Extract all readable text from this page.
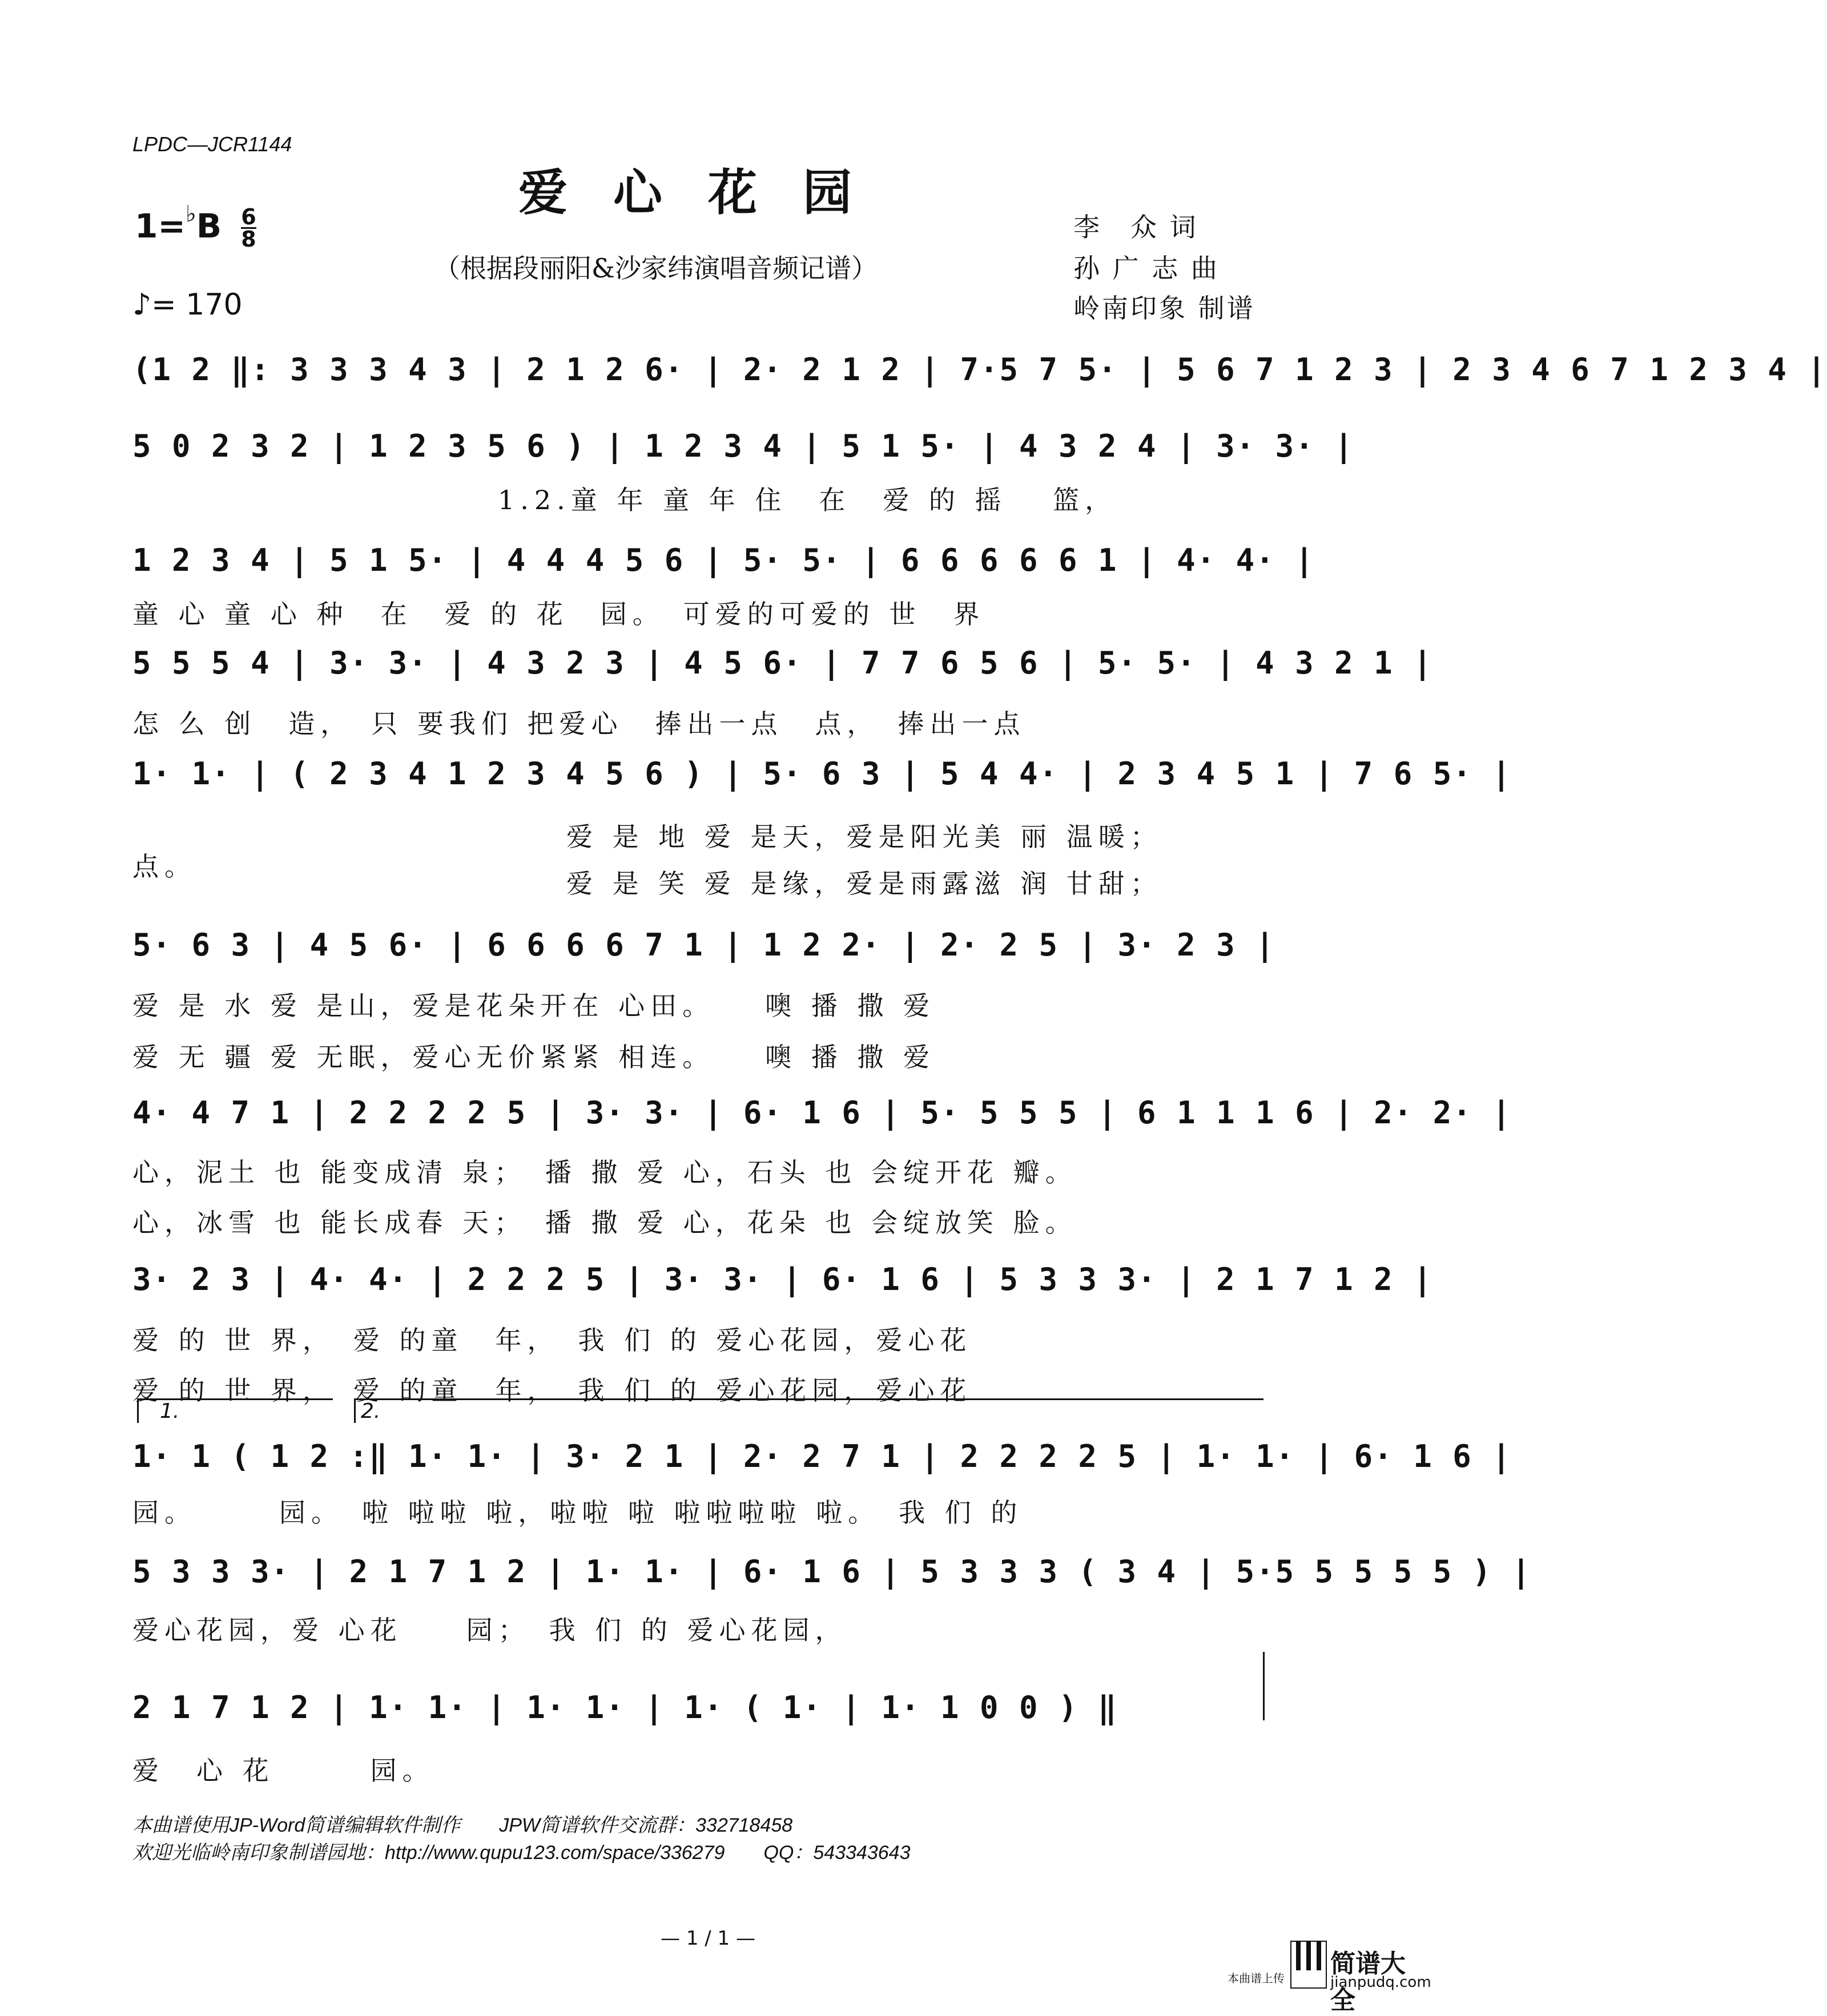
LPDC—JCR1144
爱心花园
$1=^♭B \frac{6}{8}$
（根据段丽阳&沙家纬演唱音频记谱）
♪= 170
李　众 词
孙 广 志 曲
岭南印象 制谱
(1 2 ‖: 3 3 3 4 3 | 2 1 2 6· | 2· 2 1 2 | 7·5 7 5· | 5 6 7 1 2 3 | 2 3 4 6 7 1 2 3 4 |
5 0 2 3 2 | 1 2 3 5 6 ) | 1 2 3 4 | 5 1 5· | 4 3 2 4 | 3· 3· |
1.2.童 年 童 年 住　在　爱 的 摇　 篮，
1 2 3 4 | 5 1 5· | 4 4 4 5 6 | 5· 5· | 6 6 6 6 6 1 | 4· 4· |
童 心 童 心 种　在　爱 的 花　园。　可爱的可爱的 世　界
5 5 5 4 | 3· 3· | 4 3 2 3 | 4 5 6· | 7 7 6 5 6 | 5· 5· | 4 3 2 1 |
怎 么 创　造，　只 要我们 把爱心　捧出一点　点，　捧出一点
1· 1· | ( 2 3 4 1 2 3 4 5 6 ) | 5· 6 3 | 5 4 4· | 2 3 4 5 1 | 7 6 5· |
点。
爱 是 地 爱 是天，爱是阳光美 丽 温暖；
爱 是 笑 爱 是缘，爱是雨露滋 润 甘甜；
5· 6 3 | 4 5 6· | 6 6 6 6 7 1 | 1 2 2· | 2· 2 5 | 3· 2 3 |
爱 是 水 爱 是山，爱是花朵开在 心田。　　噢 播 撒 爱
爱 无 疆 爱 无眠，爱心无价紧紧 相连。　　噢 播 撒 爱
4· 4 7 1 | 2 2 2 2 5 | 3· 3· | 6· 1 6 | 5· 5 5 5 | 6 1 1 1 6 | 2· 2· |
心，泥土 也 能变成清 泉；　播 撒 爱 心，石头 也 会绽开花 瓣。
心，冰雪 也 能长成春 天；　播 撒 爱 心，花朵 也 会绽放笑 脸。
3· 2 3 | 4· 4· | 2 2 2 5 | 3· 3· | 6· 1 6 | 5 3 3 3· | 2 1 7 1 2 |
爱 的 世 界，　爱 的童　年，　我 们 的 爱心花园，爱心花
爱 的 世 界，　爱 的童　年，　我 们 的 爱心花园，爱心花
1.	2.
1· 1 ( 1 2 :‖ 1· 1· | 3· 2 1 | 2· 2 7 1 | 2 2 2 2 5 | 1· 1· | 6· 1 6 |
园。　　　园。　啦 啦啦 啦，啦啦 啦 啦啦啦啦 啦。　我 们 的
5 3 3 3· | 2 1 7 1 2 | 1· 1· | 6· 1 6 | 5 3 3 3 ( 3 4 | 5·5 5 5 5 5 ) |
爱心花园，爱 心花　　园；　我 们 的 爱心花园，
2 1 7 1 2 | 1· 1· | 1· 1· | 1· ( 1· | 1· 1 0 0 ) ‖
爱　心 花　　　园。
本曲谱使用JP-Word简谱编辑软件制作　　JPW简谱软件交流群：332718458
欢迎光临岭南印象制谱园地：http://www.qupu123.com/space/336279　　QQ：543343643
— 1 / 1 —
本曲谱上传 简谱大全
jianpudq.com
